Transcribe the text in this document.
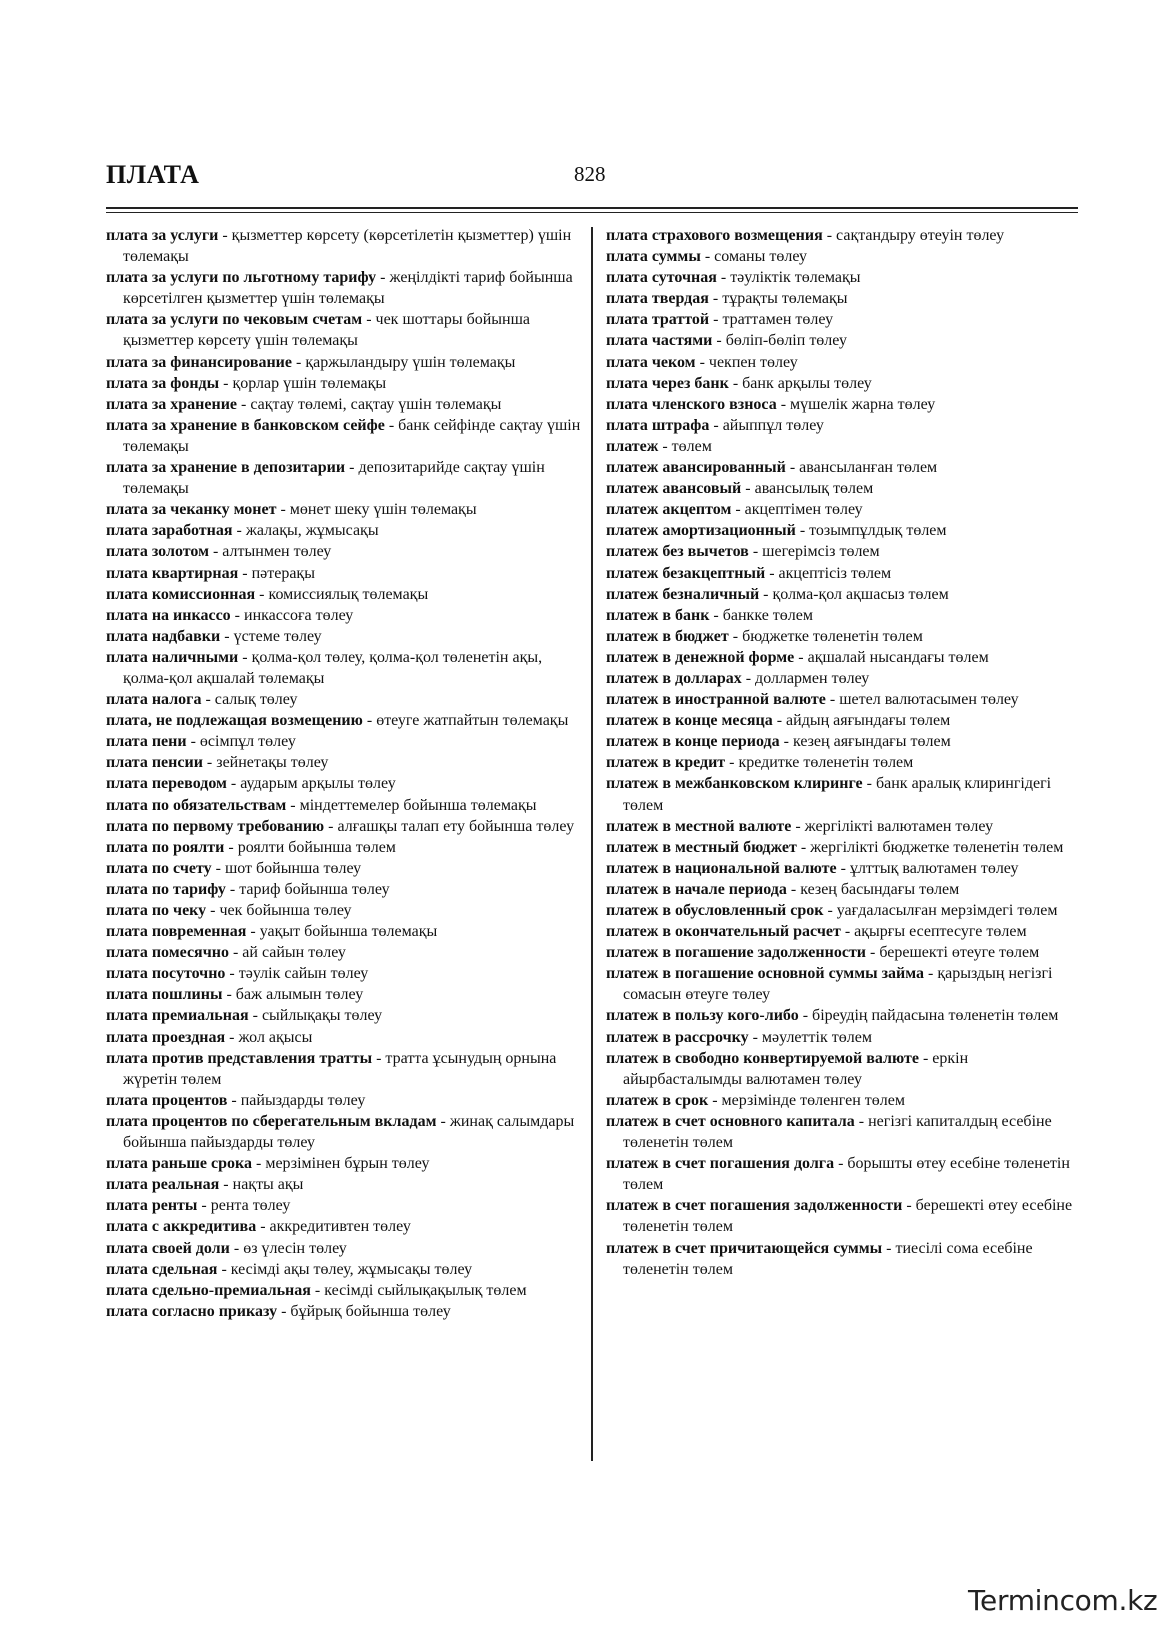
ПЛАТА	828

плата за услуги - қызметтер көрсету (көрсетілетін қызметтер) үшін төлемақы

плата за услуги по льготному тарифу - жеңілдікті тариф бойынша көрсетілген қызметтер үшін төлемақы

плата за услуги по чековым счетам - чек шоттары бойынша қызметтер көрсету үшін төлемақы

плата за финансирование - қаржыландыру үшін төлемақы

плата за фонды - қорлар үшін төлемақы

плата за хранение - сақтау төлемі, сақтау үшін төлемақы

плата за хранение в банковском сейфе - банк сейфінде сақтау үшін төлемақы

плата за хранение в депозитарии - депозитарийде сақтау үшін төлемақы

плата за чеканку монет - мөнет шеку үшін төлемақы

плата заработная - жалақы, жұмысақы

плата золотом - алтынмен төлеу

плата квартирная - пәтерақы

плата комиссионная - комиссиялық төлемақы

плата на инкассо - инкассоға төлеу

плата надбавки - үстеме төлеу

плата наличными - қолма-қол төлеу, қолма-қол төленетін ақы, қолма-қол ақшалай төлемақы

плата налога - салық төлеу

плата, не подлежащая возмещению - өтеуге жатпайтын төлемақы

плата пени - өсімпұл төлеу

плата пенсии - зейнетақы төлеу

плата переводом - аударым арқылы төлеу

плата по обязательствам - міндеттемелер бойынша төлемақы

плата по первому требованию - алғашқы талап ету бойынша төлеу

плата по роялти - роялти бойынша төлем

плата по счету - шот бойынша төлеу

плата по тарифу - тариф бойынша төлеу

плата по чеку - чек бойынша төлеу

плата повременная - уақыт бойынша төлемақы

плата помесячно - ай сайын төлеу

плата посуточно - тәулік сайын төлеу

плата пошлины - баж алымын төлеу

плата премиальная - сыйлықақы төлеу

плата проездная - жол ақысы

плата против представления тратты - тратта ұсынудың орнына жүретін төлем

плата процентов - пайыздарды төлеу

плата процентов по сберегательным вкладам - жинақ салымдары бойынша пайыздарды төлеу

плата раньше срока - мерзімінен бұрын төлеу

плата реальная - нақты ақы

плата ренты - рента төлеу

плата с аккредитива - аккредитивтен төлеу

плата своей доли - өз үлесін төлеу

плата сдельная - кесімді ақы төлеу, жұмысақы төлеу

плата сдельно-премиальная - кесімді сыйлықақылық төлем

плата согласно приказу - бұйрық бойынша төлеу

плата страхового возмещения - сақтандыру өтеуін төлеу

плата суммы - соманы төлеу

плата суточная - тәуліктік төлемақы

плата твердая - тұрақты төлемақы

плата траттой - траттамен төлеу

плата частями - бөліп-бөліп төлеу

плата чеком - чекпен төлеу

плата через банк - банк арқылы төлеу

плата членского взноса - мүшелік жарна төлеу

плата штрафа - айыппұл төлеу

платеж - төлем

платеж авансированный - авансыланған төлем

платеж авансовый - авансылық төлем

платеж акцептом - акцептімен төлеу

платеж амортизационный - тозымпұлдық төлем

платеж без вычетов - шегерімсіз төлем

платеж безакцептный - акцептісіз төлем

платеж безналичный - қолма-қол ақшасыз төлем

платеж в банк - банкке төлем

платеж в бюджет - бюджетке төленетін төлем

платеж в денежной форме - ақшалай нысандағы төлем

платеж в долларах - доллармен төлеу

платеж в иностранной валюте - шетел валютасымен төлеу

платеж в конце месяца - айдың аяғындағы төлем

платеж в конце периода - кезең аяғындағы төлем

платеж в кредит - кредитке төленетін төлем

платеж в межбанковском клиринге - банк аралық клирингідегі төлем

платеж в местной валюте - жергілікті валютамен төлеу

платеж в местный бюджет - жергілікті бюджетке төленетін төлем

платеж в национальной валюте - ұлттық валютамен төлеу

платеж в начале периода - кезең басындағы төлем

платеж в обусловленный срок - уағдаласылған мерзімдегі төлем

платеж в окончательный расчет - ақырғы есептесуге төлем

платеж в погашение задолженности - берешекті өтеуге төлем

платеж в погашение основной суммы займа - қарыздың негізгі сомасын өтеуге төлеу

платеж в пользу кого-либо - біреудің пайдасына төленетін төлем

платеж в рассрочку - мәулеттік төлем

платеж в свободно конвертируемой валюте - еркін айырбасталымды валютамен төлеу

платеж в срок - мерзімінде төленген төлем

платеж в счет основного капитала - негізгі капиталдың есебіне төленетін төлем

платеж в счет погашения долга - борышты өтеу есебіне төленетін төлем

платеж в счет погашения задолженности - берешекті өтеу есебіне төленетін төлем

платеж в счет причитающейся суммы - тиесілі сома есебіне төленетін төлем

Termincom.kz
